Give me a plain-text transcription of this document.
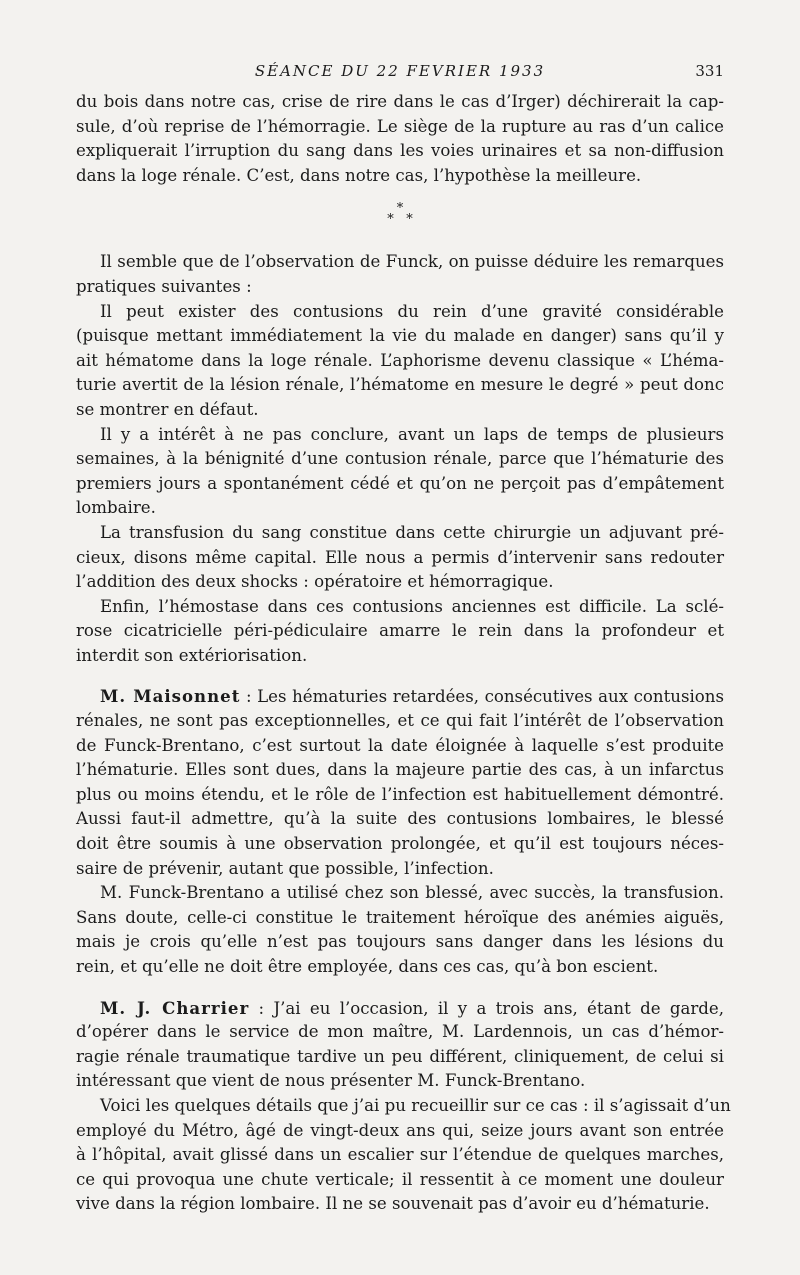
SÉANCE DU 22 FEVRIER 1933	331
du bois dans notre cas, crise de rire dans le cas d’Irger) déchirerait la cap-
sule, d’où reprise de l’hémorragie. Le siège de la rupture au ras d’un calice
expliquerait l’irruption du sang dans les voies urinaires et sa non-diffusion
dans la loge rénale. C’est, dans notre cas, l’hypothèse la meilleure.
*
*   *
Il semble que de l’observation de Funck, on puisse déduire les remarques
pratiques suivantes :
Il peut exister des contusions du rein d’une gravité considérable
(puisque mettant immédiatement la vie du malade en danger) sans qu’il y
ait hématome dans la loge rénale. L’aphorisme devenu classique « L’héma-
turie avertit de la lésion rénale, l’hématome en mesure le degré » peut donc
se montrer en défaut.
Il y a intérêt à ne pas conclure, avant un laps de temps de plusieurs
semaines, à la bénignité d’une contusion rénale, parce que l’hématurie des
premiers jours a spontanément cédé et qu’on ne perçoit pas d’empâtement
lombaire.
La transfusion du sang constitue dans cette chirurgie un adjuvant pré-
cieux, disons même capital. Elle nous a permis d’intervenir sans redouter
l’addition des deux shocks : opératoire et hémorragique.
Enfin, l’hémostase dans ces contusions anciennes est difficile. La sclé-
rose cicatricielle péri-pédiculaire amarre le rein dans la profondeur et
interdit son extériorisation.
M. Maisonnet : Les hématuries retardées, consécutives aux contusions
rénales, ne sont pas exceptionnelles, et ce qui fait l’intérêt de l’observation
de Funck-Brentano, c’est surtout la date éloignée à laquelle s’est produite
l’hématurie. Elles sont dues, dans la majeure partie des cas, à un infarctus
plus ou moins étendu, et le rôle de l’infection est habituellement démontré.
Aussi faut-il admettre, qu’à la suite des contusions lombaires, le blessé
doit être soumis à une observation prolongée, et qu’il est toujours néces-
saire de prévenir, autant que possible, l’infection.
M. Funck-Brentano a utilisé chez son blessé, avec succès, la transfusion.
Sans doute, celle-ci constitue le traitement héroïque des anémies aiguës,
mais je crois qu’elle n’est pas toujours sans danger dans les lésions du
rein, et qu’elle ne doit être employée, dans ces cas, qu’à bon escient.
M. J. Charrier : J’ai eu l’occasion, il y a trois ans, étant de garde,
d’opérer dans le service de mon maître, M. Lardennois, un cas d’hémor-
ragie rénale traumatique tardive un peu différent, cliniquement, de celui si
intéressant que vient de nous présenter M. Funck-Brentano.
Voici les quelques détails que j’ai pu recueillir sur ce cas : il s’agissait d’un
employé du Métro, âgé de vingt-deux ans qui, seize jours avant son entrée
à l’hôpital, avait glissé dans un escalier sur l’étendue de quelques marches,
ce qui provoqua une chute verticale; il ressentit à ce moment une douleur
vive dans la région lombaire. Il ne se souvenait pas d’avoir eu d’hématurie.
